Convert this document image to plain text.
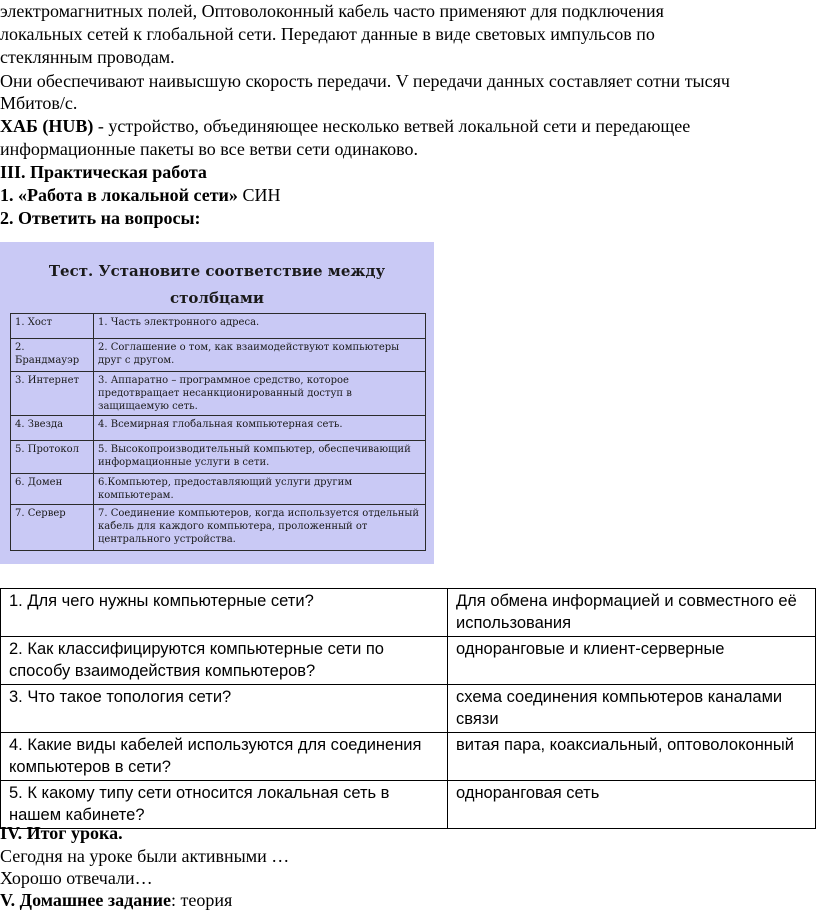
электромагнитных полей, Оптоволоконный кабель часто применяют для подключения

локальных сетей к глобальной сети. Передают данные в виде световых импульсов по

стеклянным проводам.

Они обеспечивают наивысшую скорость передачи. V передачи данных составляет сотни тысяч

Мбитов/с.

ХАБ (HUB) - устройство, объединяющее несколько ветвей локальной сети и передающее

информационные пакеты во все ветви сети одинаково.

III. Практическая работа

1. «Работа в локальной сети» СИН

2. Ответить на вопросы:

Тест. Установите соответствие между
столбцами
1. Хост	1. Часть электронного адреса.
2. Брандмауэр	2. Соглашение о том, как взаимодействуют компьютеры друг с другом.
3. Интернет	3. Аппаратно – программное средство, которое предотвращает несанкционированный доступ в защищаемую сеть.
4. Звезда	4. Всемирная глобальная компьютерная сеть.
5. Протокол	5. Высокопроизводительный компьютер, обеспечивающий информационные услуги в сети.
6. Домен	6.Компьютер, предоставляющий услуги другим компьютерам.
7. Сервер	7. Соединение компьютеров, когда используется отдельный кабель для каждого компьютера, проложенный от центрального устройства.
1. Для чего нужны компьютерные сети?	Для обмена информацией и совместного её использования
2. Как классифицируются компьютерные сети по способу взаимодействия компьютеров?	одноранговые и клиент-серверные
3. Что такое топология сети?	схема соединения компьютеров каналами связи
4. Какие виды кабелей используются для соединения компьютеров в сети?	витая пара, коаксиальный, оптоволоконный
5. К какому типу сети относится локальная сеть в нашем кабинете?	одноранговая сеть

IV. Итог урока.

Сегодня на уроке были активными …

Хорошо отвечали…

V. Домашнее задание: теория
